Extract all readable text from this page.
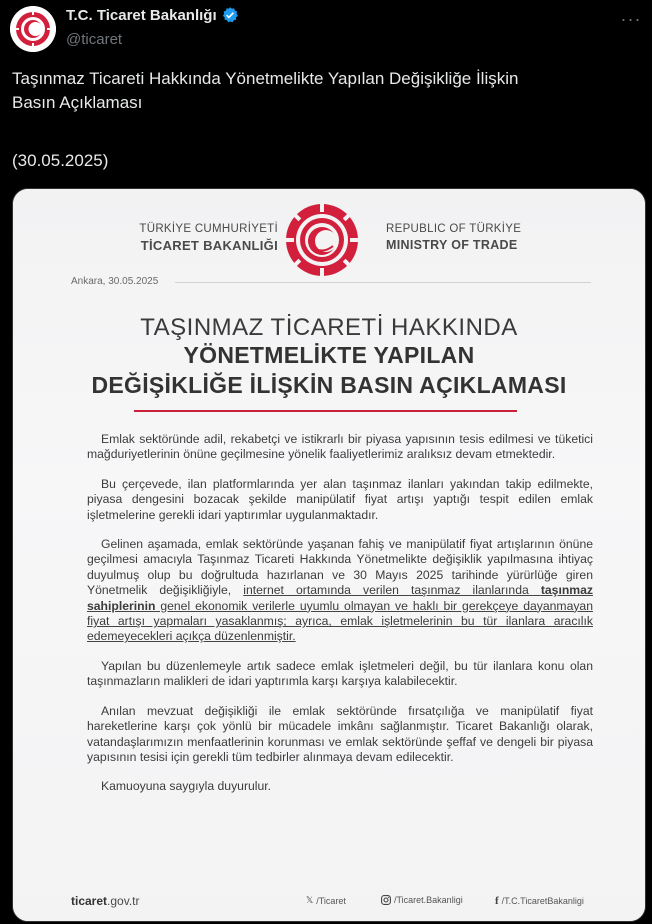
T.C. Ticaret Bakanlığı
@ticaret
···

Taşınmaz Ticareti Hakkında Yönetmelikte Yapılan Değişikliğe İlişkin

Basın Açıklaması

(30.05.2025)
TÜRKİYE CUMHURİYETİ
TİCARET BAKANLIĞI
REPUBLIC OF TÜRKİYE
MINISTRY OF TRADE
Ankara, 30.05.2025
TAŞINMAZ TİCARETİ HAKKINDA
YÖNETMELİKTE YAPILAN
DEĞİŞİKLİĞE İLİŞKİN BASIN AÇIKLAMASI

Emlak sektöründe adil, rekabetçi ve istikrarlı bir piyasa yapısının tesis edilmesi ve tüketici mağduriyetlerinin önüne geçilmesine yönelik faaliyetlerimiz aralıksız devam etmektedir.

Bu çerçevede, ilan platformlarında yer alan taşınmaz ilanları yakından takip edilmekte, piyasa dengesini bozacak şekilde manipülatif fiyat artışı yaptığı tespit edilen emlak işletmelerine gerekli idari yaptırımlar uygulanmaktadır.

Gelinen aşamada, emlak sektöründe yaşanan fahiş ve manipülatif fiyat artışlarının önüne geçilmesi amacıyla Taşınmaz Ticareti Hakkında Yönetmelikte değişiklik yapılmasına ihtiyaç duyulmuş olup bu doğrultuda hazırlanan ve 30 Mayıs 2025 tarihinde yürürlüğe giren Yönetmelik değişikliğiyle, internet ortamında verilen taşınmaz ilanlarında taşınmaz sahiplerinin genel ekonomik verilerle uyumlu olmayan ve haklı bir gerekçeye dayanmayan fiyat artışı yapmaları yasaklanmış; ayrıca, emlak işletmelerinin bu tür ilanlara aracılık edemeyecekleri açıkça düzenlenmiştir.

Yapılan bu düzenlemeyle artık sadece emlak işletmeleri değil, bu tür ilanlara konu olan taşınmazların malikleri de idari yaptırımla karşı karşıya kalabilecektir.

Anılan mevzuat değişikliği ile emlak sektöründe fırsatçılığa ve manipülatif fiyat hareketlerine karşı çok yönlü bir mücadele imkânı sağlanmıştır. Ticaret Bakanlığı olarak, vatandaşlarımızın menfaatlerinin korunması ve emlak sektöründe şeffaf ve dengeli bir piyasa yapısının tesisi için gerekli tüm tedbirler alınmaya devam edilecektir.

Kamuoyuna saygıyla duyurulur.

ticaret.gov.tr	𝕏 /Ticaret	/Ticaret.Bakanligi	f /T.C.TicaretBakanligi
